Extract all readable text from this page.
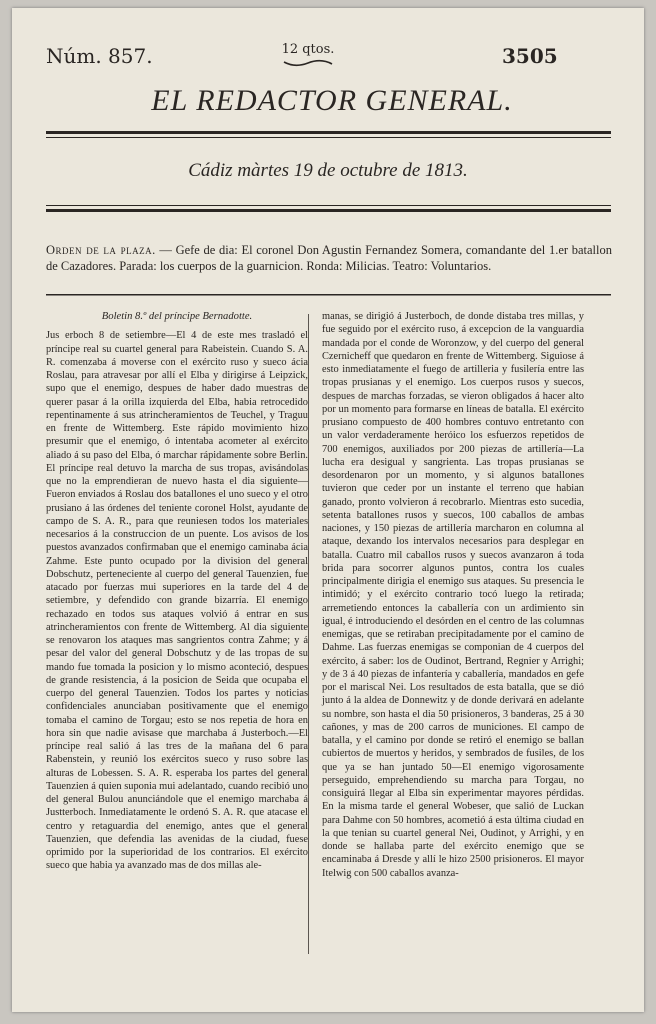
Núm. 857.	12 qtos.	3505
EL REDACTOR GENERAL.
Cádiz màrtes 19 de octubre de 1813.
Orden de la plaza. — Gefe de dia: El coronel Don Agustin Fernandez Somera, comandante del 1.er batallon de Cazadores. Parada: los cuerpos de la guarnicion. Ronda: Milicias. Teatro: Voluntarios.

Boletin 8.º del príncipe Bernadotte.

Jus erboch 8 de setiembre—El 4 de este mes trasladó el príncipe real su cuartel general para Rabeistein. Cuando S. A. R. comenzaba á moverse con el exército ruso y sueco ácia Roslau, para atravesar por allí el Elba y dirigirse á Leipzick, supo que el enemigo, despues de haber dado muestras de querer pasar á la orilla izquierda del Elba, habia retrocedido repentinamente á sus atrincheramientos de Teuchel, y Traguu en frente de Wittemberg. Este rápido movimiento hizo presumir que el enemigo, ó intentaba acometer al exército aliado á su paso del Elba, ó marchar rápidamente sobre Berlin. El príncipe real detuvo la marcha de sus tropas, avisándolas que no la emprendieran de nuevo hasta el dia siguiente—Fueron enviados á Roslau dos batallones el uno sueco y el otro prusiano á las órdenes del teniente coronel Holst, ayudante de campo de S. A. R., para que reuniesen todos los materiales necesarios á la construccion de un puente. Los avisos de los puestos avanzados confirmaban que el enemigo caminaba ácia Zahme. Este punto ocupado por la division del general Dobschutz, perteneciente al cuerpo del general Tauenzien, fue atacado por fuerzas mui superiores en la tarde del 4 de setiembre, y defendido con grande bizarría. El enemigo rechazado en todos sus ataques volvió á entrar en sus atrincheramientos con frente de Wittemberg. Al dia siguiente se renovaron los ataques mas sangrientos contra Zahme; y á pesar del valor del general Dobschutz y de las tropas de su mando fue tomada la posicion y lo mismo aconteció, despues de grande resistencia, á la posicion de Seida que ocupaba el cuerpo del general Tauenzien. Todos los partes y noticias confidenciales anunciaban positivamente que el enemigo tomaba el camino de Torgau; esto se nos repetia de hora en hora sin que nadie avisase que marchaba á Justerboch.—El príncipe real salió á las tres de la mañana del 6 para Rabenstein, y reunió los exércitos sueco y ruso sobre las alturas de Lobessen. S. A. R. esperaba los partes del general Tauenzien á quien suponia mui adelantado, cuando recibió uno del general Bulou anunciándole que el enemigo marchaba á Justterboch. Inmediatamente le ordenó S. A. R. que atacase el centro y retaguardia del enemigo, antes que el general Tauenzien, que defendia las avenidas de la ciudad, fuese oprimido por la superioridad de los contrarios. El exército sueco que habia ya avanzado mas de dos millas ale-

manas, se dirigió á Justerboch, de donde distaba tres millas, y fue seguido por el exército ruso, á excepcion de la vanguardia mandada por el conde de Woronzow, y del cuerpo del general Czernicheff que quedaron en frente de Wittemberg. Siguiose á esto inmediatamente el fuego de artilleria y fusilería entre las tropas prusianas y el enemigo. Los cuerpos rusos y suecos, despues de marchas forzadas, se vieron obligados á hacer alto por un momento para formarse en líneas de batalla. El exército prusiano compuesto de 400 hombres contuvo entretanto con un valor verdaderamente heróico los esfuerzos repetidos de 700 enemigos, auxiliados por 200 piezas de artillería—La lucha era desigual y sangrienta. Las tropas prusianas se desordenaron por un momento, y si algunos batallones tuvieron que ceder por un instante el terreno que habian ganado, pronto volvieron á recobrarlo. Mientras esto sucedia, setenta batallones rusos y suecos, 100 caballos de ambas naciones, y 150 piezas de artillería marcharon en columna al ataque, dexando los intervalos necesarios para desplegar en batalla. Cuatro mil caballos rusos y suecos avanzaron á toda brida para socorrer algunos puntos, contra los cuales principalmente dirigia el enemigo sus ataques. Su presencia le intimidó; y el exército contrario tocó luego la retirada; arremetiendo entonces la caballería con un ardimiento sin igual, é introduciendo el desórden en el centro de las columnas enemigas, que se retiraban precipitadamente por el camino de Dahme. Las fuerzas enemigas se componian de 4 cuerpos del exército, á saber: los de Oudinot, Bertrand, Regnier y Arrighi; y de 3 á 40 piezas de infantería y caballería, mandados en gefe por el mariscal Nei. Los resultados de esta batalla, que se dió junto á la aldea de Donnewitz y de donde derivará en adelante su nombre, son hasta el dia 50 prisioneros, 3 banderas, 25 á 30 cañones, y mas de 200 carros de municiones. El campo de batalla, y el camino por donde se retiró el enemigo se ballan cubiertos de muertos y heridos, y sembrados de fusiles, de los que ya se han juntado 50—El enemigo vigorosamente perseguido, emprehendiendo su marcha para Torgau, no consiguirá llegar al Elba sin experimentar mayores pérdidas. En la misma tarde el general Wobeser, que salió de Luckan para Dahme con 50 hombres, acometió á esta última ciudad en la que tenian su cuartel general Nei, Oudinot, y Arrighi, y en donde se hallaba parte del exército enemigo que se encaminaba á Dresde y allí le hizo 2500 prisioneros. El mayor Itelwig con 500 caballos avanza-
